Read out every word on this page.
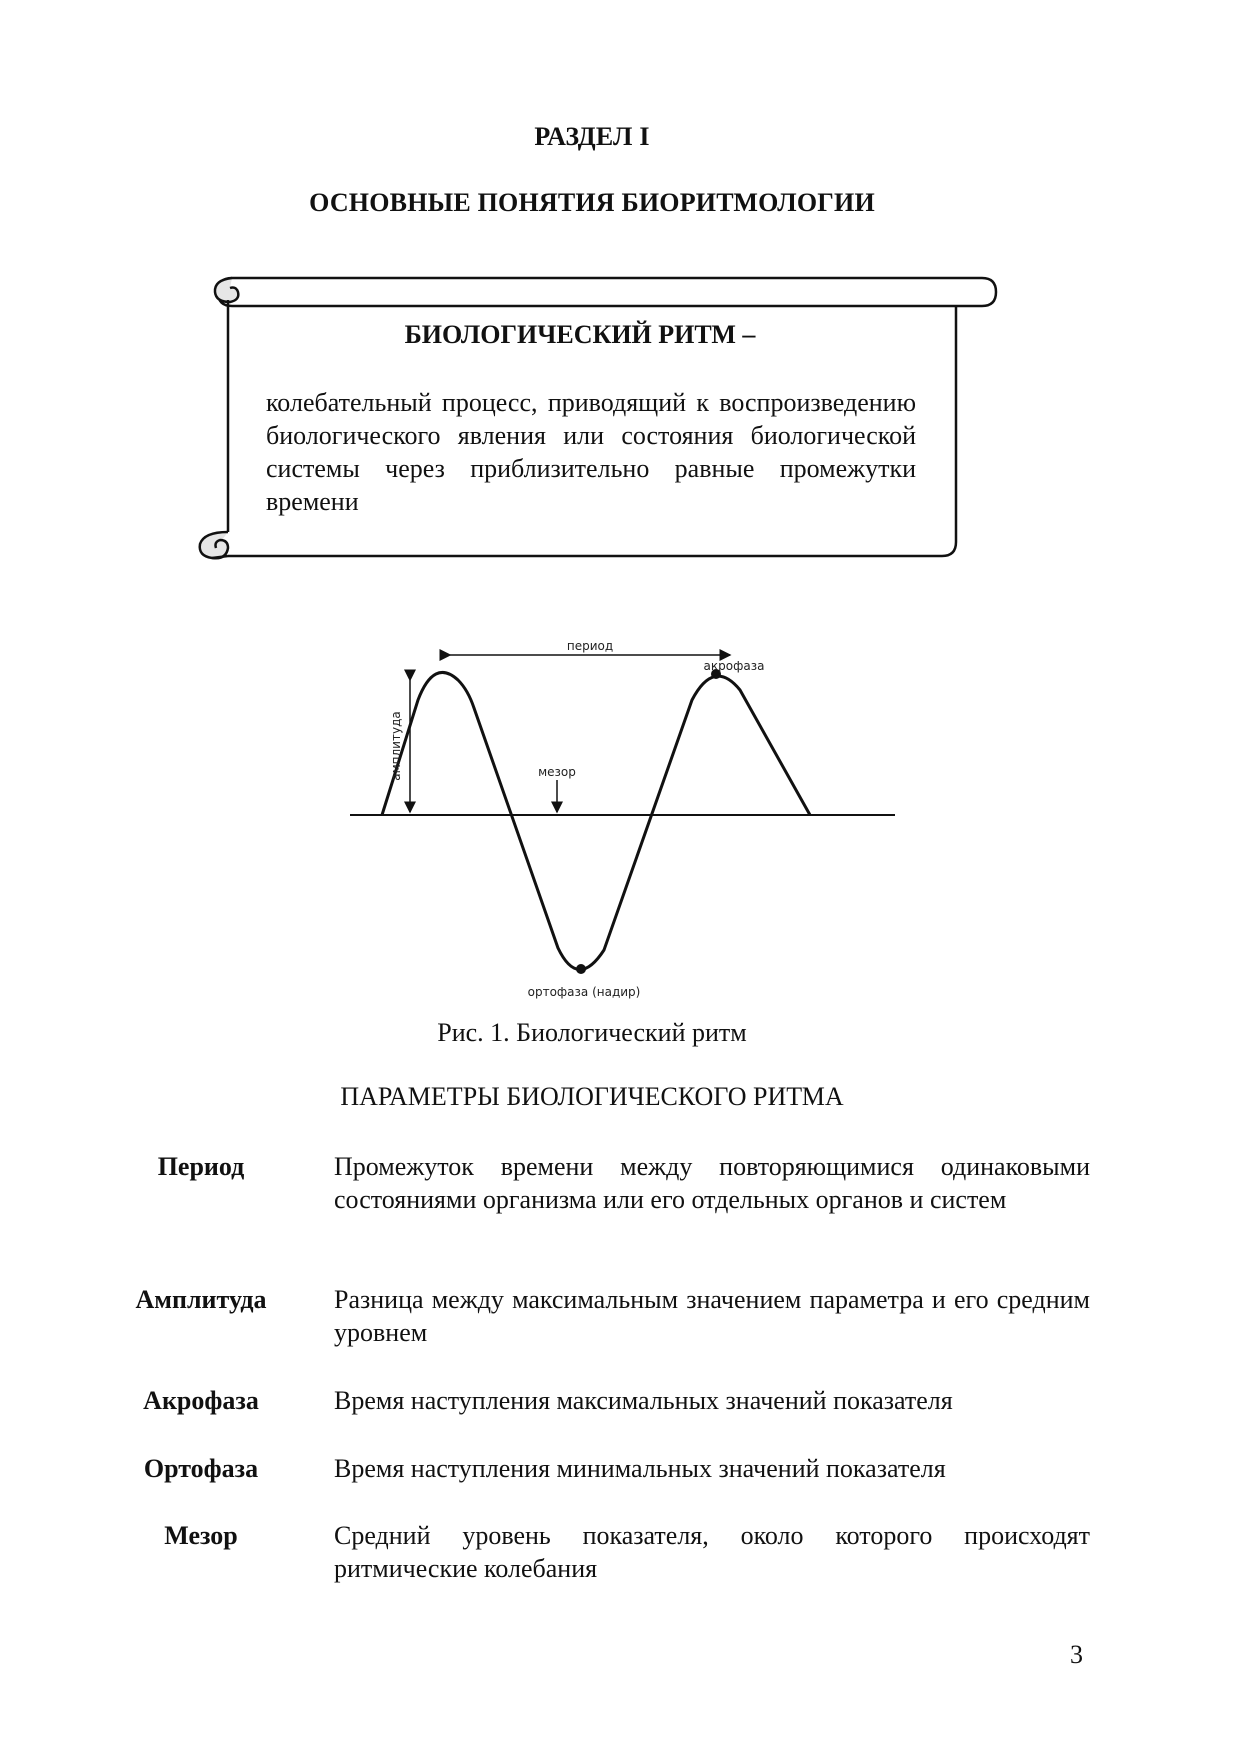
РАЗДЕЛ I
ОСНОВНЫЕ ПОНЯТИЯ БИОРИТМОЛОГИИ
БИОЛОГИЧЕСКИЙ РИТМ –
колебательный процесс, приводящий к воспроизведению биологического явления или состояния биологической системы через приблизительно равные промежутки времени
период
акрофаза
амплитуда	мезор
ортофаза (надир)
Рис. 1. Биологический ритм
ПАРАМЕТРЫ БИОЛОГИЧЕСКОГО РИТМА
Период	Промежуток времени между повторяющимися одинаковыми состояниями организма или его отдельных органов и систем
Амплитуда	Разница между максимальным значением параметра и его средним уровнем
Акрофаза	Время наступления максимальных значений показателя
Ортофаза	Время наступления минимальных значений показателя
Мезор	Средний уровень показателя, около которого происходят ритмические колебания
3
